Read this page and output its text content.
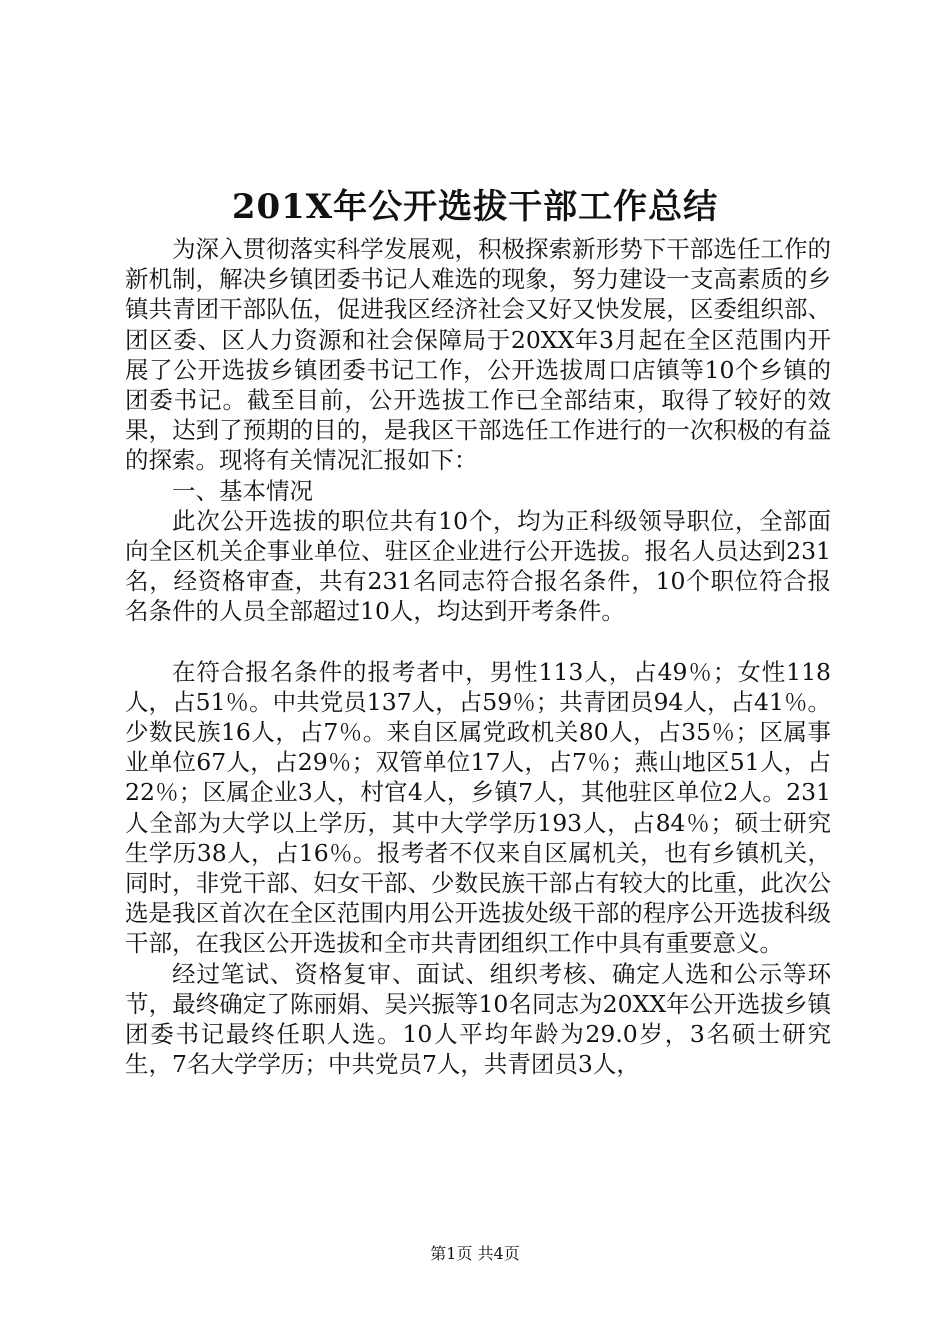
201X年公开选拔干部工作总结

为深入贯彻落实科学发展观，积极探索新形势下干部选任工作的新机制，解决乡镇团委书记人难选的现象，努力建设一支高素质的乡镇共青团干部队伍，促进我区经济社会又好又快发展，区委组织部、团区委、区人力资源和社会保障局于20XX年3月起在全区范围内开展了公开选拔乡镇团委书记工作，公开选拔周口店镇等10个乡镇的团委书记。截至目前，公开选拔工作已全部结束，取得了较好的效果，达到了预期的目的，是我区干部选任工作进行的一次积极的有益的探索。现将有关情况汇报如下：

一、基本情况

此次公开选拔的职位共有10个，均为正科级领导职位，全部面向全区机关企事业单位、驻区企业进行公开选拔。报名人员达到231名，经资格审查，共有231名同志符合报名条件，10个职位符合报名条件的人员全部超过10人，均达到开考条件。

在符合报名条件的报考者中，男性113人，占49％；女性118人，占51％。中共党员137人，占59％；共青团员94人，占41％。少数民族16人，占7％。来自区属党政机关80人，占35％；区属事业单位67人，占29％；双管单位17人，占7％；燕山地区51人，占22％；区属企业3人，村官4人，乡镇7人，其他驻区单位2人。231人全部为大学以上学历，其中大学学历193人，占84％；硕士研究生学历38人，占16％。报考者不仅来自区属机关，也有乡镇机关，同时，非党干部、妇女干部、少数民族干部占有较大的比重，此次公选是我区首次在全区范围内用公开选拔处级干部的程序公开选拔科级干部，在我区公开选拔和全市共青团组织工作中具有重要意义。

经过笔试、资格复审、面试、组织考核、确定人选和公示等环节，最终确定了陈丽娟、吴兴振等10名同志为20XX年公开选拔乡镇团委书记最终任职人选。10人平均年龄为29.0岁，3名硕士研究生，7名大学学历；中共党员7人，共青团员3人，

第1页 共4页
